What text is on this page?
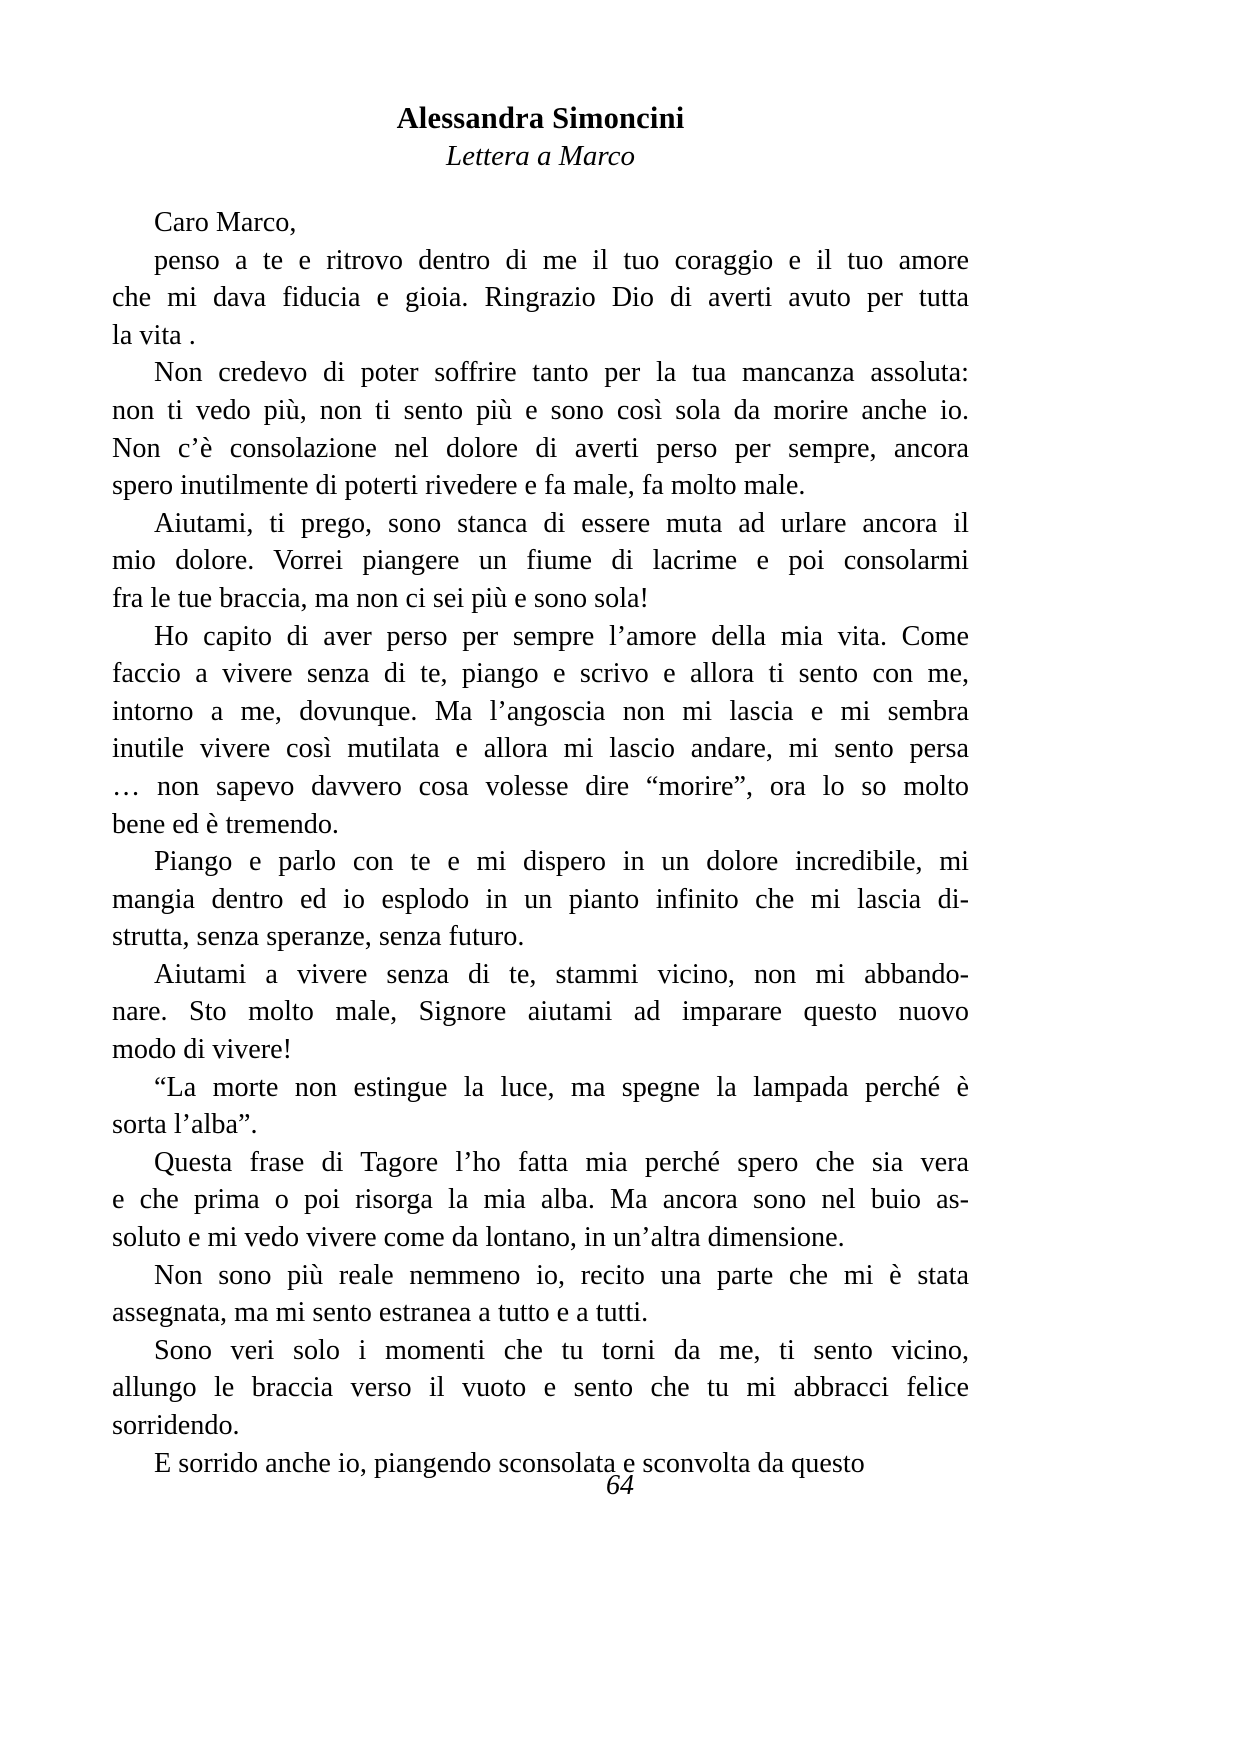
Alessandra Simoncini
Lettera a Marco

Caro Marco,

penso a te e ritrovo dentro di me il tuo coraggio e il tuo amore
che mi dava fiducia e gioia. Ringrazio Dio di averti avuto per tutta
la vita .

Non credevo di poter soffrire tanto per la tua mancanza assoluta:
non ti vedo più, non ti sento più e sono così sola da morire anche io.
Non c’è consolazione nel dolore di averti perso per sempre, ancora
spero inutilmente di poterti rivedere e fa male, fa molto male.

Aiutami, ti prego, sono stanca di essere muta ad urlare ancora il
mio dolore. Vorrei piangere un fiume di lacrime e poi consolarmi
fra le tue braccia, ma non ci sei più e sono sola!

Ho capito di aver perso per sempre l’amore della mia vita. Come
faccio a vivere senza di te, piango e scrivo e allora ti sento con me,
intorno a me, dovunque. Ma l’angoscia non mi lascia e mi sembra
inutile vivere così mutilata e allora mi lascio andare, mi sento persa
… non sapevo davvero cosa volesse dire “morire”, ora lo so molto
bene ed è tremendo.

Piango e parlo con te e mi dispero in un dolore incredibile, mi
mangia dentro ed io esplodo in un pianto infinito che mi lascia di-
strutta, senza speranze, senza futuro.

Aiutami a vivere senza di te, stammi vicino, non mi abbando-
nare. Sto molto male, Signore aiutami ad imparare questo nuovo
modo di vivere!

“La morte non estingue la luce, ma spegne la lampada perché è
sorta l’alba”.

Questa frase di Tagore l’ho fatta mia perché spero che sia vera
e che prima o poi risorga la mia alba. Ma ancora sono nel buio as-
soluto e mi vedo vivere come da lontano, in un’altra dimensione.

Non sono più reale nemmeno io, recito una parte che mi è stata
assegnata, ma mi sento estranea a tutto e a tutti.

Sono veri solo i momenti che tu torni da me, ti sento vicino,
allungo le braccia verso il vuoto e sento che tu mi abbracci felice
sorridendo.

E sorrido anche io, piangendo sconsolata e sconvolta da questo

64
